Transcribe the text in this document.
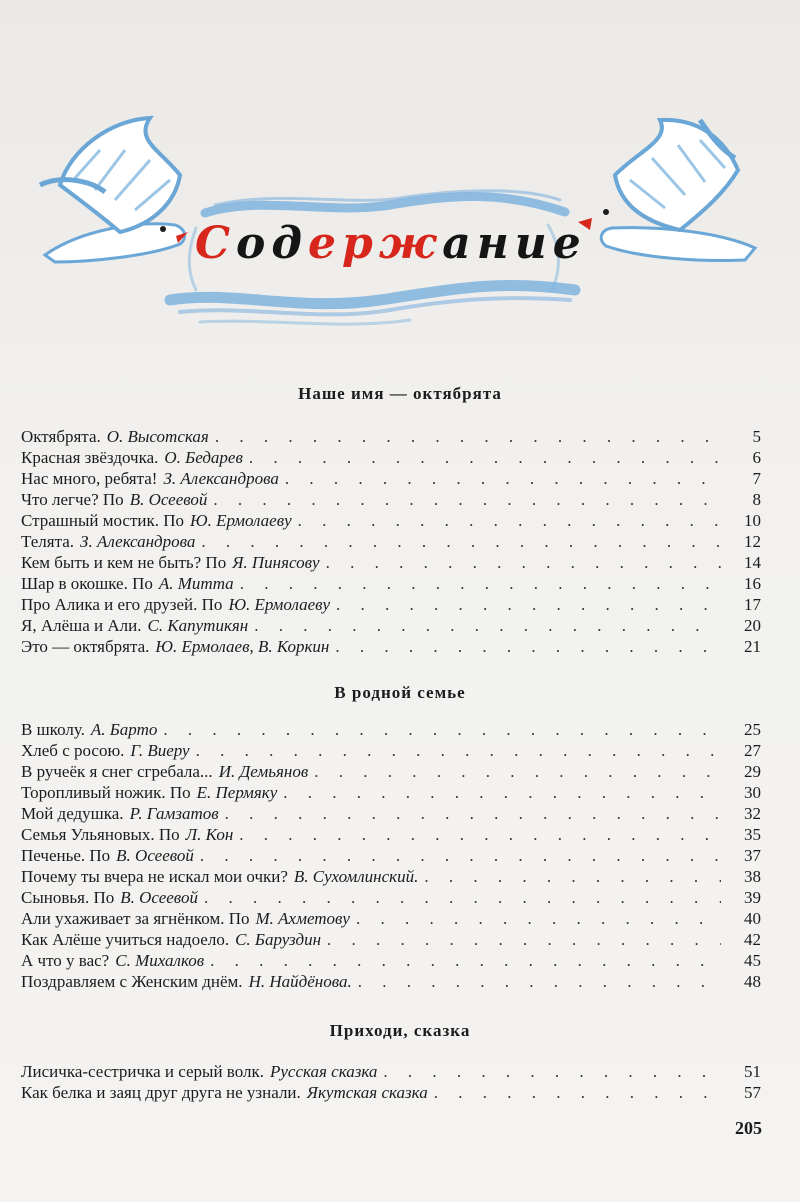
Содержание
Наше имя — октябрята
Октябрята. О. Высотская . . .	5
Красная звёздочка. О. Бедарев . . .	6
Нас много, ребята! З. Александрова . . .	7
Что легче? По В. Осеевой . . .	8
Страшный мостик. По Ю. Ермолаеву . . .	10
Телята. З. Александрова . . .	12
Кем быть и кем не быть? По Я. Пинясову . . .	14
Шар в окошке. По А. Митта . . .	16
Про Алика и его друзей. По Ю. Ермолаеву . . .	17
Я, Алёша и Али. С. Капутикян . . .	20
Это — октябрята. Ю. Ермолаев, В. Коркин . . .	21
В родной семье
В школу. А. Барто . . .	25
Хлеб с росою. Г. Виеру . . .	27
В ручеёк я снег сгребала... И. Демьянов . . .	29
Торопливый ножик. По Е. Пермяку . . .	30
Мой дедушка. Р. Гамзатов . . .	32
Семья Ульяновых. По Л. Кон . . .	35
Печенье. По В. Осеевой . . .	37
Почему ты вчера не искал мои очки? В. Сухомлинский. . . .	38
Сыновья. По В. Осеевой . . .	39
Али ухаживает за ягнёнком. По М. Ахметову . . .	40
Как Алёше учиться надоело. С. Баруздин . . .	42
А что у вас? С. Михалков . . .	45
Поздравляем с Женским днём. Н. Найдёнова. . . .	48
Приходи, сказка
Лисичка-сестричка и серый волк. Русская сказка . . .	51
Как белка и заяц друг друга не узнали. Якутская сказка . . .	57
205
